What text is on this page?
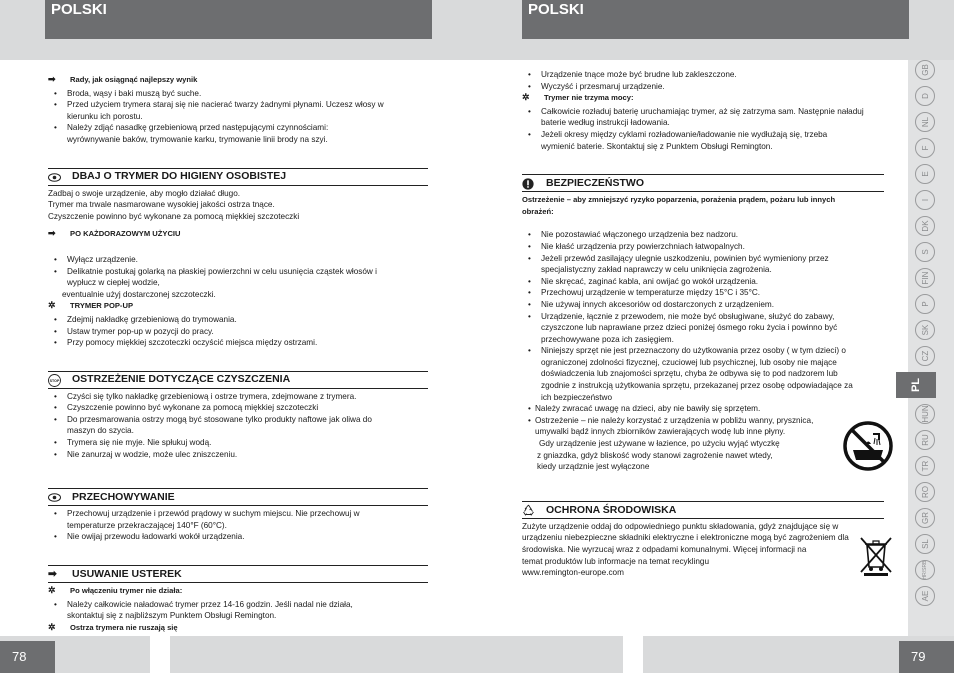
POLSKI
➡	Rady, jak osiągnąć najlepszy wynik
• Broda, wąsy i baki muszą być suche.
• Przed użyciem trymera staraj się nie nacierać twarzy żadnymi płynami. Uczesz włosy w
kierunku ich porostu.
• Należy zdjąć nasadkę grzebieniową przed następującymi czynnościami:
wyrównywanie baków, trymowanie karku, trymowanie linii brody na szyi.
DBAJ O TRYMER DO HIGIENY OSOBISTEJ
Zadbaj o swoje urządzenie, aby mogło działać długo.
Trymer ma trwale nasmarowane wysokiej jakości ostrza tnące.
Czyszczenie powinno być wykonane za pomocą miękkiej szczoteczki
➡	PO KAŻDORAZOWYM UŻYCIU
• Wyłącz urządzenie.
• Delikatnie postukaj golarką na płaskiej powierzchni w celu usunięcia cząstek włosów i
wypłucz w ciepłej wodzie,
eventualnie użyj dostarczonej szczoteczki.
✲	TRYMER POP-UP
• Zdejmij nakładkę grzebieniową do trymowania.
• Ustaw trymer pop-up w pozycji do pracy.
• Przy pomocy miękkiej szczoteczki oczyścić miejsca między ostrzami.
STOP OSTRZEŻENIE DOTYCZĄCE CZYSZCZENIA
• Czyści się tylko nakładkę grzebieniową i ostrze trymera, zdejmowane z trymera.
• Czyszczenie powinno być wykonane za pomocą miękkiej szczoteczki
• Do przesmarowania ostrzy mogą być stosowane tylko produkty naftowe jak oliwa do
maszyn do szycia.
• Trymera się nie myje. Nie spłukuj wodą.
• Nie zanurzaj w wodzie, może ulec zniszczeniu.
PRZECHOWYWANIE
• Przechowuj urządzenie i przewód prądowy w suchym miejscu. Nie przechowuj w
temperaturze przekraczającej 140°F (60°C).
• Nie owijaj przewodu ładowarki wokół urządzenia.
➡	USUWANIE USTEREK
✲	Po włączeniu trymer nie działa:
• Należy całkowicie naładować trymer przez 14-16 godzin. Jeśli nadal nie działa,
skontaktuj się z najbliższym Punktem Obsługi Remington.
✲	Ostrza trymera nie ruszają się
78
POLSKI
• Urządzenie tnące może być brudne lub zakleszczone.
• Wyczyść i przesmaruj urządzenie.
✲	Trymer nie trzyma mocy:
• Całkowicie rozładuj baterię uruchamiając trymer, aż się zatrzyma sam. Następnie naładuj
baterie według instrukcji ładowania.
• Jeżeli okresy między cyklami rozładowanie/ładowanie nie wydłużają się, trzeba
wymienić baterie. Skontaktuj się z Punktem Obsługi Remington.
BEZPIECZEŃSTWO
Ostrzeżenie – aby zmniejszyć ryzyko poparzenia, porażenia prądem, pożaru lub innych
obrażeń:
• Nie pozostawiać włączonego urządzenia bez nadzoru.
• Nie kłaść urządzenia przy powierzchniach łatwopalnych.
• Jeżeli przewód zasilający ulegnie uszkodzeniu, powinien być wymieniony przez
specjalistyczny zakład naprawczy w celu uniknięcia zagrożenia.
• Nie skręcać, zaginać kabla, ani owijać go wokół urządzenia.
• Przechowuj urządzenie w temperaturze między 15°C i 35°C.
• Nie używaj innych akcesoriów od dostarczonych z urządzeniem.
• Urządzenie, łącznie z przewodem, nie może być obsługiwane, służyć do zabawy,
czyszczone lub naprawiane przez dzieci poniżej ósmego roku życia i powinno być
przechowywane poza ich zasięgiem.
• Niniejszy sprzęt nie jest przeznaczony do użytkowania przez osoby ( w tym dzieci) o
ograniczonej zdolności fizycznej, czuciowej lub psychicznej, lub osoby nie mające
doświadczenia lub znajomości sprzętu, chyba że odbywa się to pod nadzorem lub
zgodnie z instrukcją użytkowania sprzętu, przekazanej przez osobę odpowiadające za
ich bezpieczeństwo
• Należy zwracać uwagę na dzieci, aby nie bawiły się sprzętem.
• Ostrzeżenie – nie należy korzystać z urządzenia w pobliżu wanny, prysznica,
umywalki bądź innych zbiorników zawierających wodę lub inne płyny.
Gdy urządzenie jest używane w łazience, po użyciu wyjąć wtyczkę
z gniazdka, gdyż bliskość wody stanowi zagrożenie nawet wtedy,
kiedy urządznie jest wyłączone
OCHRONA ŚRODOWISKA
Zużyte urządzenie oddaj do odpowiedniego punktu składowania, gdyż znajdujące się w
urządzeniu niebezpieczne składniki elektryczne i elektroniczne mogą być zagrożeniem dla
środowiska. Nie wyrzucaj wraz z odpadami komunalnymi. Więcej informacji na
temat produktów lub informacje na temat recyklingu
www.remington-europe.com
79
GB
D
NL
F
E
I
DK
S
FIN
P
SK
CZ
PL
HUN
RU
TR
RO
GR
SL
HR/SRB
AE
